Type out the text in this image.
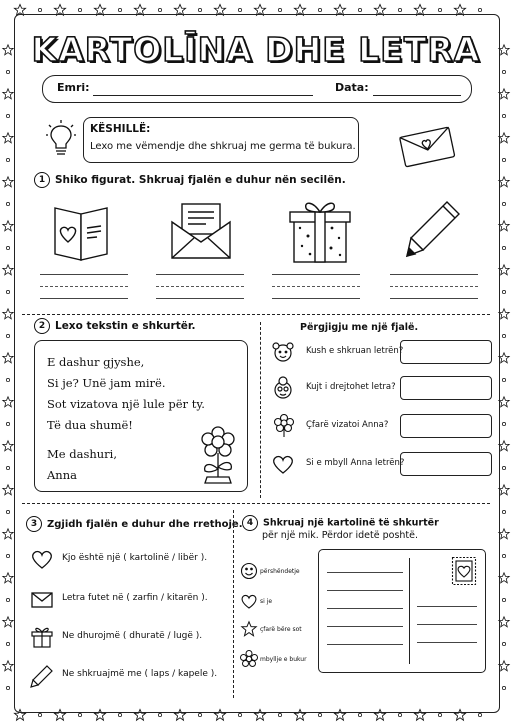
KARTOLĪNA DHE LETRA
Emri:	Data:
KËSHILLË:
Lexo me vëmendje dhe shkruaj me germa të bukura.
1 Shiko figurat. Shkruaj fjalën e duhur nën secilën.
2 Lexo tekstin e shkurtër.
E dashur gjyshe,
Si je? Unë jam mirë.
Sot vizatova një lule për ty.
Të dua shumë!
Me dashuri,
Anna
Përgjigju me një fjalë.
Kush e shkruan letrën?
Kujt i drejtohet letra?
Çfarë vizatoi Anna?
Si e mbyll Anna letrën?
3 Zgjidh fjalën e duhur dhe rrethoje.
Kjo është një ( kartolinë / libër ).
Letra futet në ( zarfin / kitarën ).
Ne dhurojmë ( dhuratë / lugë ).
Ne shkruajmë me ( laps / kapele ).
4 Shkruaj një kartolinë të shkurtër
për një mik. Përdor idetë poshtë.
përshëndetje
si je
çfarë bëre sot
mbyllje e bukur
